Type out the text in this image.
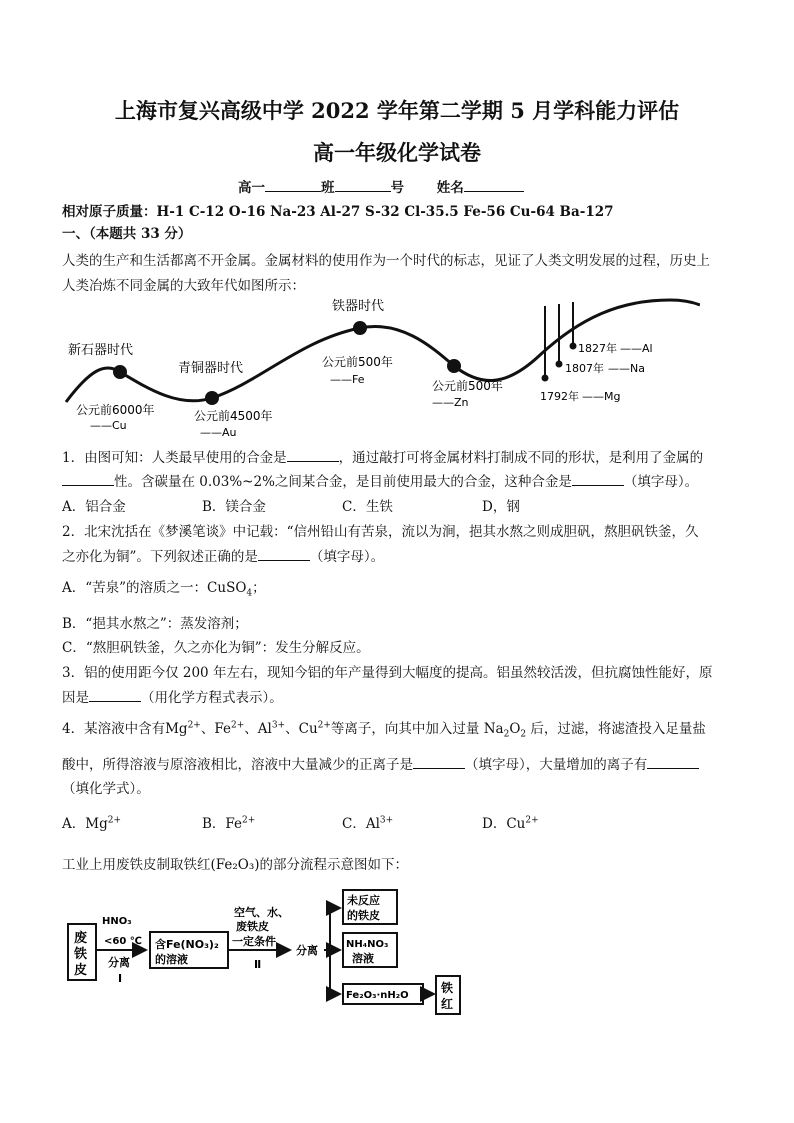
上海市复兴高级中学 2022 学年第二学期 5 月学科能力评估
高一年级化学试卷
高一	班	号 姓名
相对原子质量：H-1 C-12 O-16 Na-23 Al-27 S-32 Cl-35.5 Fe-56 Cu-64 Ba-127
一、（本题共 33 分）
人类的生产和生活都离不开金属。金属材料的使用作为一个时代的标志，见证了人类文明发展的过程，历史上
人类冶炼不同金属的大致年代如图所示：
新石器时代
青铜器时代
铁器时代
公元前6000年
——Cu
公元前4500年
——Au
公元前500年
——Fe	公元前500年
——Zn
1827年 ——Al
1807年 ——Na
1792年 ——Mg
1．由图可知：人类最早使用的合金是	，通过敲打可将金属材料打制成不同的形状，是利用了金属的
性。含碳量在 0.03%~2%之间某合金，是目前使用最大的合金，这种合金是	（填字母）。
A．铝合金	B．镁合金	C．生铁	D，钢
2．北宋沈括在《梦溪笔谈》中记载：“信州铅山有苦泉，流以为涧，挹其水熬之则成胆矾，熬胆矾铁釜，久
之亦化为铜”。下列叙述正确的是	（填字母）。
A．“苦泉”的溶质之一：CuSO$_4$；
B．“挹其水熬之”：蒸发溶剂；
C．“熬胆矾铁釜，久之亦化为铜”：发生分解反应。
3．铝的使用距今仅 200 年左右，现知今铝的年产量得到大幅度的提高。铝虽然较活泼，但抗腐蚀性能好，原
因是	（用化学方程式表示）。
4．某溶液中含有$Mg^{2+}$、$Fe^{2+}$、$Al^{3+}$、$Cu^{2+}$等离子，向其中加入过量 $Na_2O_2$ 后，过滤，将滤渣投入足量盐
酸中，所得溶液与原溶液相比，溶液中大量减少的正离子是	（填字母），大量增加的离子有
（填化学式）。
A．$Mg^{2+}$	B．$Fe^{2+}$	C．$Al^{3+}$	D．$Cu^{2+}$
工业上用废铁皮制取铁红(Fe₂O₃)的部分流程示意图如下：
废
铁
皮
HNO₃
<60 ℃
分离
Ⅰ
含Fe(NO₃)₂
的溶液
空气、水、
废铁皮
一定条件
Ⅱ
分离
未反应
的铁皮
NH₄NO₃
溶液
Fe₂O₃·nH₂O
铁
红
